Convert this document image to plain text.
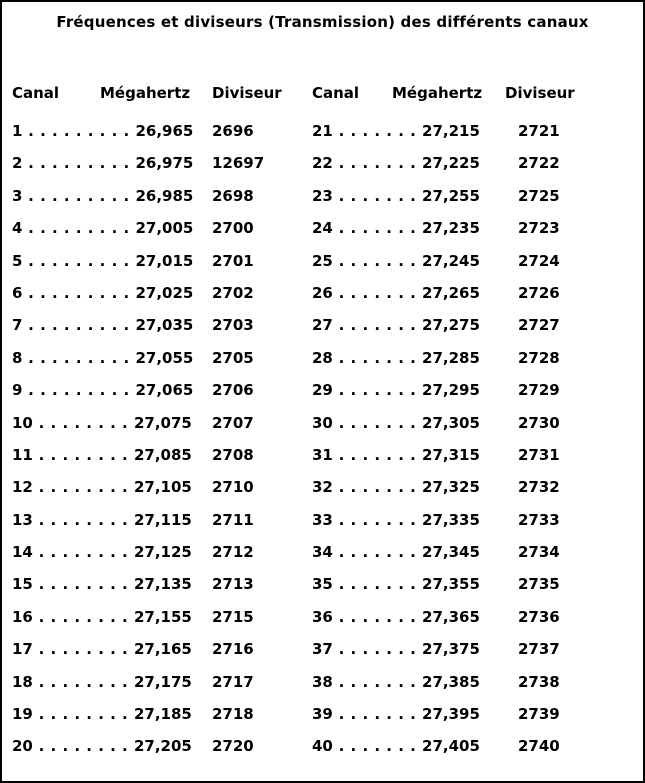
Fréquences et diviseurs (Transmission) des différents canaux
Canal	Mégahertz	Diviseur
1 . . . . . . . . . 26,965	2696
2 . . . . . . . . . 26,975	12697
3 . . . . . . . . . 26,985	2698
4 . . . . . . . . . 27,005	2700
5 . . . . . . . . . 27,015	2701
6 . . . . . . . . . 27,025	2702
7 . . . . . . . . . 27,035	2703
8 . . . . . . . . . 27,055	2705
9 . . . . . . . . . 27,065	2706
10 . . . . . . . . 27,075	2707
11 . . . . . . . . 27,085	2708
12 . . . . . . . . 27,105	2710
13 . . . . . . . . 27,115	2711
14 . . . . . . . . 27,125	2712
15 . . . . . . . . 27,135	2713
16 . . . . . . . . 27,155	2715
17 . . . . . . . . 27,165	2716
18 . . . . . . . . 27,175	2717
19 . . . . . . . . 27,185	2718
20 . . . . . . . . 27,205	2720
Canal	Mégahertz	Diviseur
21 . . . . . . . 27,215	2721
22 . . . . . . . 27,225	2722
23 . . . . . . . 27,255	2725
24 . . . . . . . 27,235	2723
25 . . . . . . . 27,245	2724
26 . . . . . . . 27,265	2726
27 . . . . . . . 27,275	2727
28 . . . . . . . 27,285	2728
29 . . . . . . . 27,295	2729
30 . . . . . . . 27,305	2730
31 . . . . . . . 27,315	2731
32 . . . . . . . 27,325	2732
33 . . . . . . . 27,335	2733
34 . . . . . . . 27,345	2734
35 . . . . . . . 27,355	2735
36 . . . . . . . 27,365	2736
37 . . . . . . . 27,375	2737
38 . . . . . . . 27,385	2738
39 . . . . . . . 27,395	2739
40 . . . . . . . 27,405	2740
